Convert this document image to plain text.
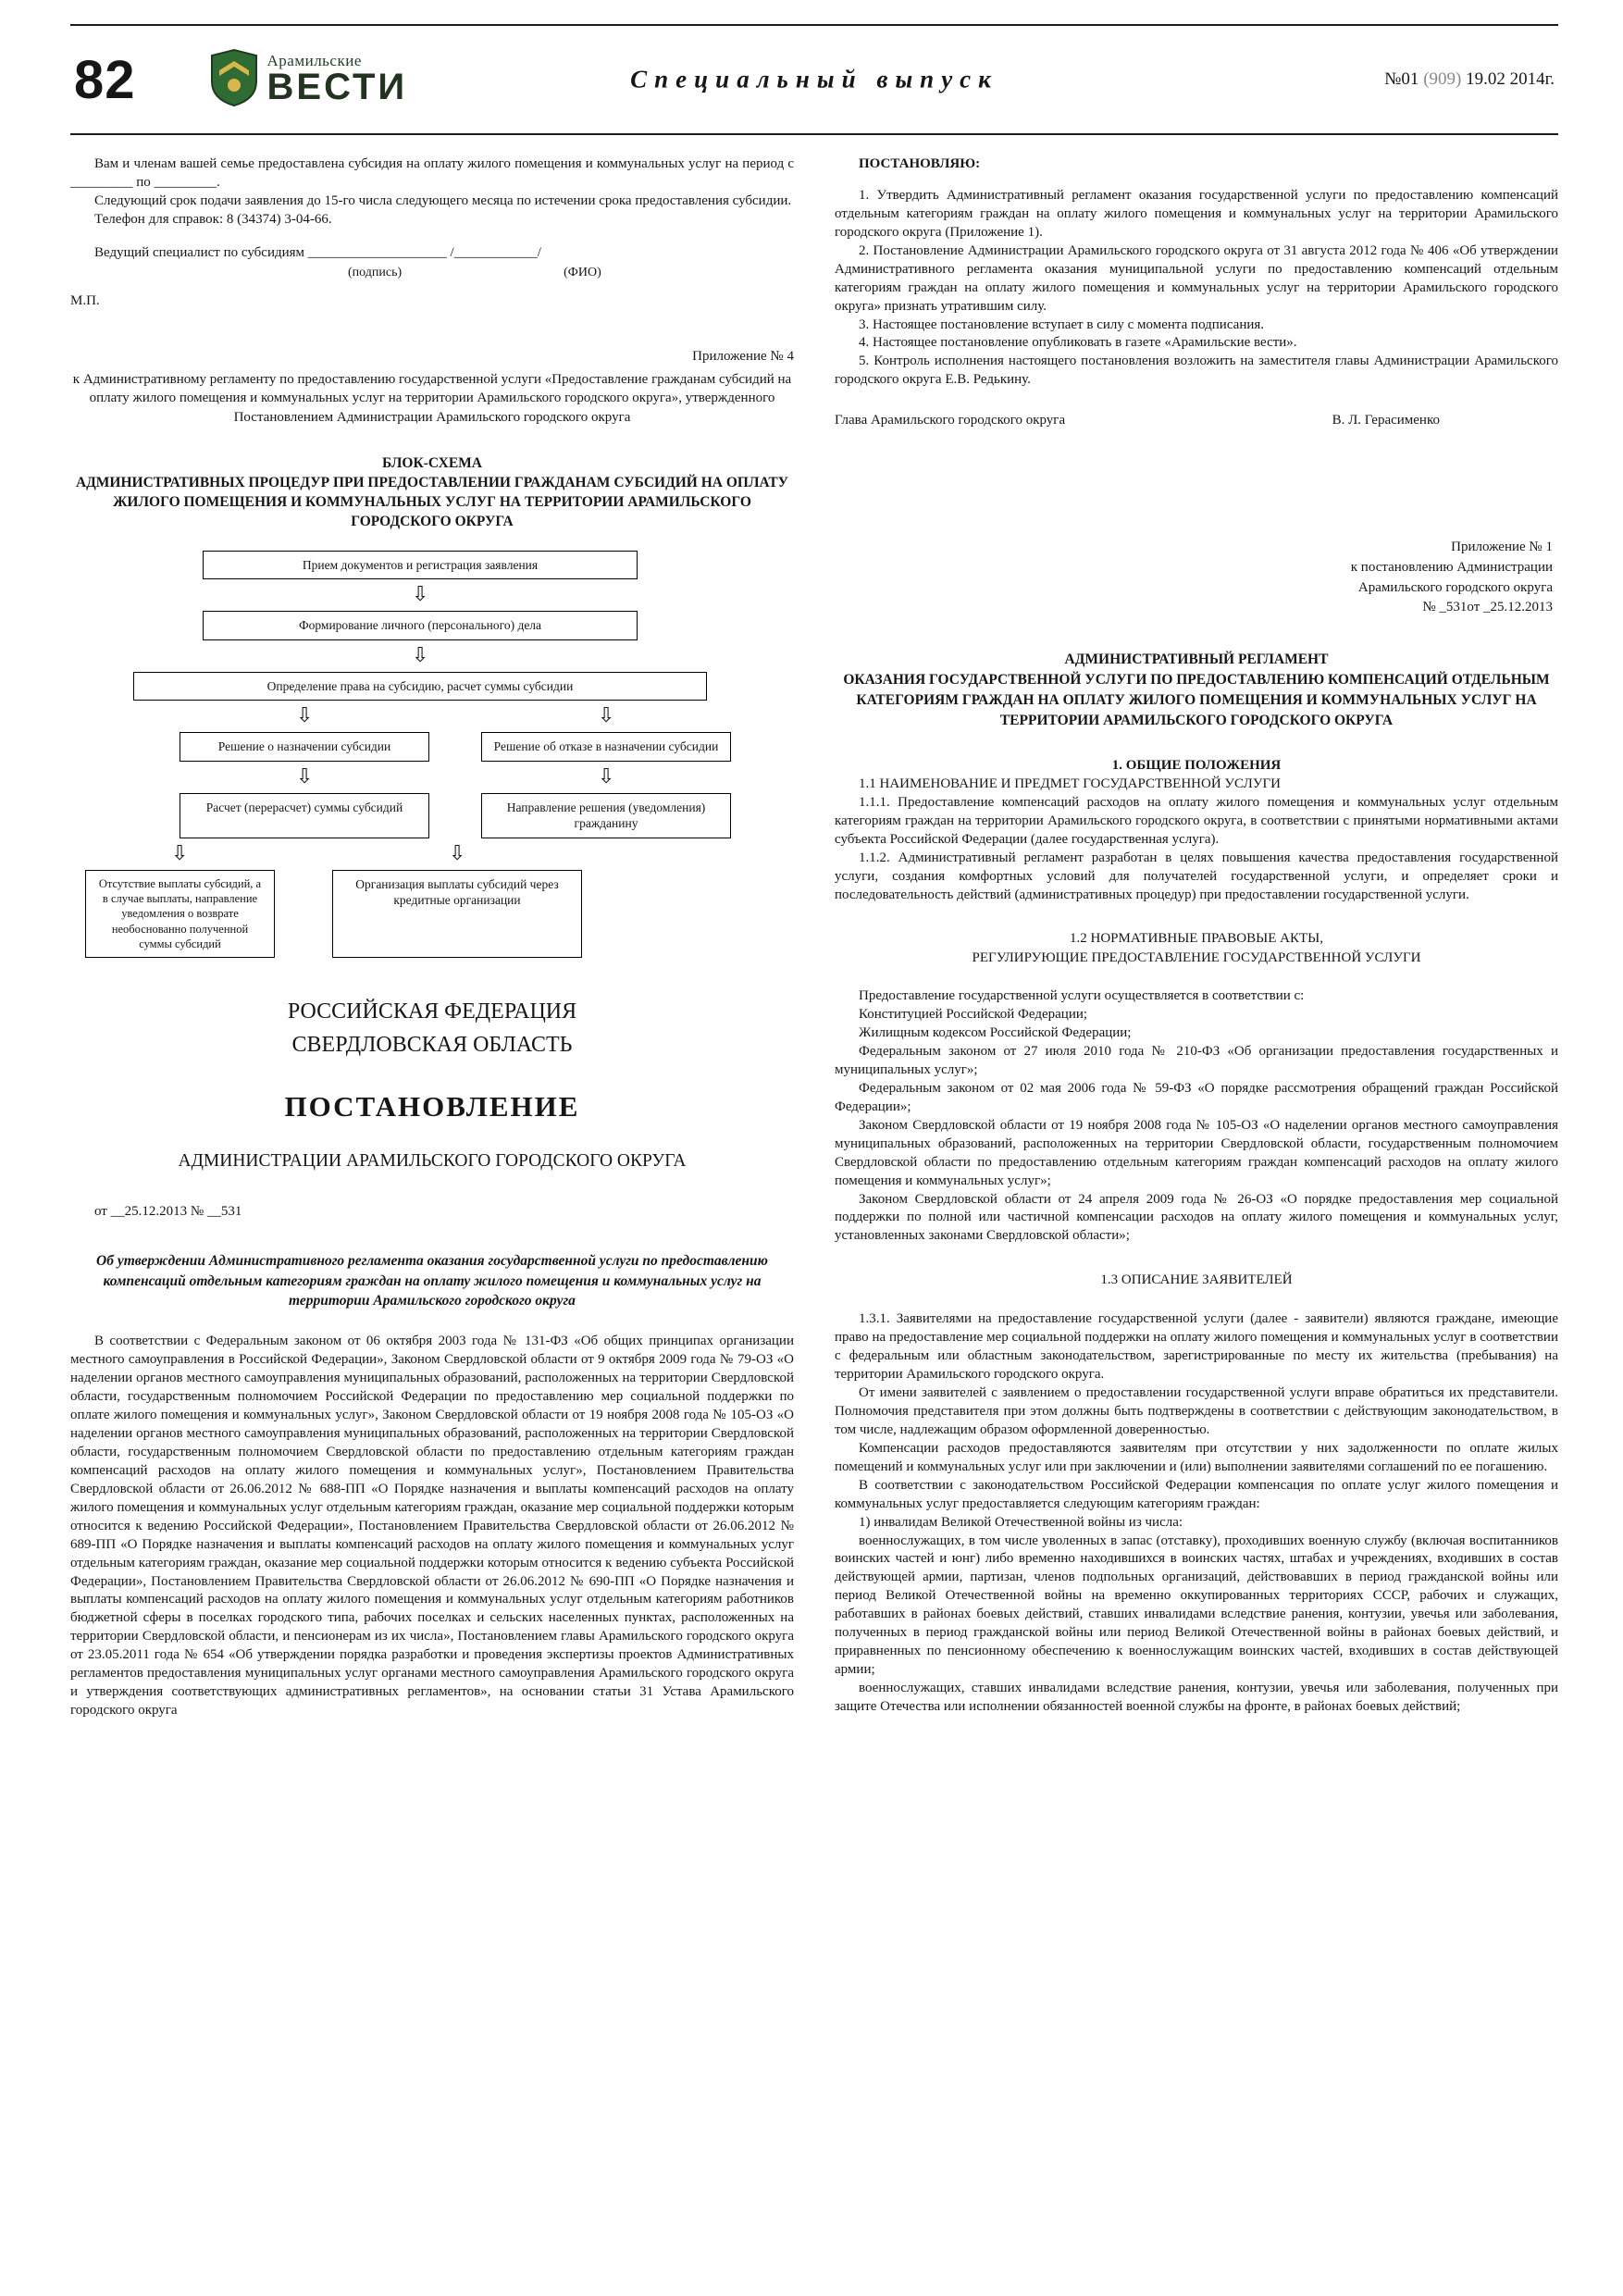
82	Арамильские
ВЕСТИ	Специальный выпуск	№01 (909) 19.02 2014г.

Вам и членам вашей семье предоставлена субсидия на оплату жилого помещения и коммунальных услуг на период с _________ по _________.

Следующий срок подачи заявления до 15-го числа следующего месяца по истечении срока предоставления субсидии.

Телефон для справок: 8 (34374) 3-04-66.

Ведущий специалист по субсидиям ____________________ /____________/

(подпись)	(ФИО)

М.П.

Приложение № 4

к Административному регламенту по предоставлению государственной услуги «Предоставление гражданам субсидий на оплату жилого помещения и коммунальных услуг на территории Арамильского городского округа», утвержденного Постановлением Администрации Арамильского городского округа

БЛОК-СХЕМА
АДМИНИСТРАТИВНЫХ ПРОЦЕДУР ПРИ ПРЕДОСТАВЛЕНИИ ГРАЖДАНАМ СУБСИДИЙ НА ОПЛАТУ ЖИЛОГО ПОМЕЩЕНИЯ И КОММУНАЛЬНЫХ УСЛУГ НА ТЕРРИТОРИИ АРАМИЛЬСКОГО ГОРОДСКОГО ОКРУГА
Прием документов и регистрация заявления
⇩
Формирование личного (персонального) дела
⇩
Определение права на субсидию, расчет суммы субсидии
⇩	⇩
Решение о назначении субсидии	Решение об отказе в назначении субсидии
⇩	⇩
Расчет (перерасчет) суммы субсидий	Направление решения (уведомления) гражданину
⇩	⇩
Отсутствие выплаты субсидий, а в случае выплаты, направление уведомления о возврате необоснованно полученной суммы субсидий
Организация выплаты субсидий через кредитные организации
РОССИЙСКАЯ ФЕДЕРАЦИЯ
СВЕРДЛОВСКАЯ ОБЛАСТЬ
ПОСТАНОВЛЕНИЕ
АДМИНИСТРАЦИИ АРАМИЛЬСКОГО ГОРОДСКОГО ОКРУГА

от __25.12.2013 № __531

Об утверждении Административного регламента оказания государственной услуги по предоставлению компенсаций отдельным категориям граждан на оплату жилого помещения и коммунальных услуг на территории Арамильского городского округа

В соответствии с Федеральным законом от 06 октября 2003 года № 131-ФЗ «Об общих принципах организации местного самоуправления в Российской Федерации», Законом Свердловской области от 9 октября 2009 года № 79-ОЗ «О наделении органов местного самоуправления муниципальных образований, расположенных на территории Свердловской области, государственным полномочием Российской Федерации по предоставлению мер социальной поддержки по оплате жилого помещения и коммунальных услуг», Законом Свердловской области от 19 ноября 2008 года № 105-ОЗ «О наделении органов местного самоуправления муниципальных образований, расположенных на территории Свердловской области, государственным полномочием Свердловской области по предоставлению отдельным категориям граждан компенсаций расходов на оплату жилого помещения и коммунальных услуг», Постановлением Правительства Свердловской области от 26.06.2012 № 688-ПП «О Порядке назначения и выплаты компенсаций расходов на оплату жилого помещения и коммунальных услуг отдельным категориям граждан, оказание мер социальной поддержки которым относится к ведению Российской Федерации», Постановлением Правительства Свердловской области от 26.06.2012 № 689-ПП «О Порядке назначения и выплаты компенсаций расходов на оплату жилого помещения и коммунальных услуг отдельным категориям граждан, оказание мер социальной поддержки которым относится к ведению субъекта Российской Федерации», Постановлением Правительства Свердловской области от 26.06.2012 № 690-ПП «О Порядке назначения и выплаты компенсаций расходов на оплату жилого помещения и коммунальных услуг отдельным категориям работников бюджетной сферы в поселках городского типа, рабочих поселках и сельских населенных пунктах, расположенных на территории Свердловской области, и пенсионерам из их числа», Постановлением главы Арамильского городского округа от 23.05.2011 года № 654 «Об утверждении порядка разработки и проведения экспертизы проектов Административных регламентов предоставления муниципальных услуг органами местного самоуправления Арамильского городского округа и утверждения соответствующих административных регламентов», на основании статьи 31 Устава Арамильского городского округа

ПОСТАНОВЛЯЮ:

1. Утвердить Административный регламент оказания государственной услуги по предоставлению компенсаций отдельным категориям граждан на оплату жилого помещения и коммунальных услуг на территории Арамильского городского округа (Приложение 1).

2. Постановление Администрации Арамильского городского округа от 31 августа 2012 года № 406 «Об утверждении Административного регламента оказания муниципальной услуги по предоставлению компенсаций отдельным категориям граждан на оплату жилого помещения и коммунальных услуг на территории Арамильского городского округа» признать утратившим силу.

3. Настоящее постановление вступает в силу с момента подписания.

4. Настоящее постановление опубликовать в газете «Арамильские вести».

5. Контроль исполнения настоящего постановления возложить на заместителя главы Администрации Арамильского городского округа Е.В. Редькину.

Глава Арамильского городского округа	В. Л. Герасименко
Приложение № 1
к постановлению Администрации
Арамильского городского округа
№ _531от _25.12.2013
АДМИНИСТРАТИВНЫЙ РЕГЛАМЕНТ
ОКАЗАНИЯ ГОСУДАРСТВЕННОЙ УСЛУГИ ПО ПРЕДОСТАВЛЕНИЮ КОМПЕНСАЦИЙ ОТДЕЛЬНЫМ КАТЕГОРИЯМ ГРАЖДАН НА ОПЛАТУ ЖИЛОГО ПОМЕЩЕНИЯ И КОММУНАЛЬНЫХ УСЛУГ НА ТЕРРИТОРИИ АРАМИЛЬСКОГО ГОРОДСКОГО ОКРУГА
1. ОБЩИЕ ПОЛОЖЕНИЯ

1.1 НАИМЕНОВАНИЕ И ПРЕДМЕТ ГОСУДАРСТВЕННОЙ УСЛУГИ

1.1.1. Предоставление компенсаций расходов на оплату жилого помещения и коммунальных услуг отдельным категориям граждан на территории Арамильского городского округа, в соответствии с принятыми нормативными актами субъекта Российской Федерации (далее государственная услуга).

1.1.2. Административный регламент разработан в целях повышения качества предоставления государственной услуги, создания комфортных условий для получателей государственной услуги, и определяет сроки и последовательность действий (административных процедур) при предоставлении государственной услуги.

1.2 НОРМАТИВНЫЕ ПРАВОВЫЕ АКТЫ,
РЕГУЛИРУЮЩИЕ ПРЕДОСТАВЛЕНИЕ ГОСУДАРСТВЕННОЙ УСЛУГИ

Предоставление государственной услуги осуществляется в соответствии с:

Конституцией Российской Федерации;

Жилищным кодексом Российской Федерации;

Федеральным законом от 27 июля 2010 года № 210-ФЗ «Об организации предоставления государственных и муниципальных услуг»;

Федеральным законом от 02 мая 2006 года № 59-ФЗ «О порядке рассмотрения обращений граждан Российской Федерации»;

Законом Свердловской области от 19 ноября 2008 года № 105-ОЗ «О наделении органов местного самоуправления муниципальных образований, расположенных на территории Свердловской области, государственным полномочием Свердловской области по предоставлению отдельным категориям граждан компенсаций расходов на оплату жилого помещения и коммунальных услуг»;

Законом Свердловской области от 24 апреля 2009 года № 26-ОЗ «О порядке предоставления мер социальной поддержки по полной или частичной компенсации расходов на оплату жилого помещения и коммунальных услуг, установленных законами Свердловской области»;

1.3 ОПИСАНИЕ ЗАЯВИТЕЛЕЙ

1.3.1. Заявителями на предоставление государственной услуги (далее - заявители) являются граждане, имеющие право на предоставление мер социальной поддержки на оплату жилого помещения и коммунальных услуг в соответствии с федеральным или областным законодательством, зарегистрированные по месту их жительства (пребывания) на территории Арамильского городского округа.

От имени заявителей с заявлением о предоставлении государственной услуги вправе обратиться их представители. Полномочия представителя при этом должны быть подтверждены в соответствии с действующим законодательством, в том числе, надлежащим образом оформленной доверенностью.

Компенсации расходов предоставляются заявителям при отсутствии у них задолженности по оплате жилых помещений и коммунальных услуг или при заключении и (или) выполнении заявителями соглашений по ее погашению.

В соответствии с законодательством Российской Федерации компенсация по оплате услуг жилого помещения и коммунальных услуг предоставляется следующим категориям граждан:

1) инвалидам Великой Отечественной войны из числа:

военнослужащих, в том числе уволенных в запас (отставку), проходивших военную службу (включая воспитанников воинских частей и юнг) либо временно находившихся в воинских частях, штабах и учреждениях, входивших в состав действующей армии, партизан, членов подпольных организаций, действовавших в период гражданской войны или период Великой Отечественной войны на временно оккупированных территориях СССР, рабочих и служащих, работавших в районах боевых действий, ставших инвалидами вследствие ранения, контузии, увечья или заболевания, полученных в период гражданской войны или период Великой Отечественной войны в районах боевых действий, и приравненных по пенсионному обеспечению к военнослужащим воинских частей, входивших в состав действующей армии;

военнослужащих, ставших инвалидами вследствие ранения, контузии, увечья или заболевания, полученных при защите Отечества или исполнении обязанностей военной службы на фронте, в районах боевых действий;
